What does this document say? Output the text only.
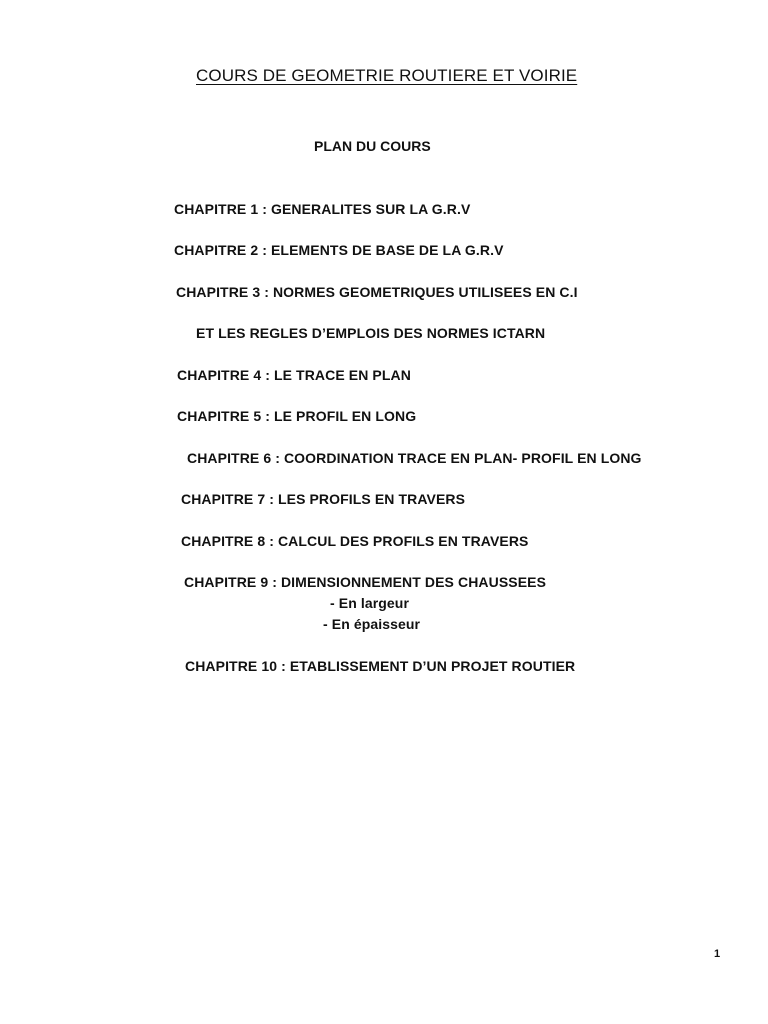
COURS DE GEOMETRIE ROUTIERE ET VOIRIE
PLAN DU COURS
CHAPITRE 1 : GENERALITES SUR LA G.R.V
CHAPITRE 2 : ELEMENTS DE BASE DE LA G.R.V
CHAPITRE 3 : NORMES GEOMETRIQUES UTILISEES EN C.I
ET LES REGLES D’EMPLOIS DES NORMES ICTARN
CHAPITRE 4 : LE TRACE EN PLAN
CHAPITRE 5 : LE PROFIL EN LONG
CHAPITRE 6 : COORDINATION TRACE EN PLAN- PROFIL EN LONG
CHAPITRE 7 : LES PROFILS EN TRAVERS
CHAPITRE 8 : CALCUL DES PROFILS EN TRAVERS
CHAPITRE 9 : DIMENSIONNEMENT DES CHAUSSEES
- En largeur
- En épaisseur
CHAPITRE 10 : ETABLISSEMENT D’UN PROJET ROUTIER
1
